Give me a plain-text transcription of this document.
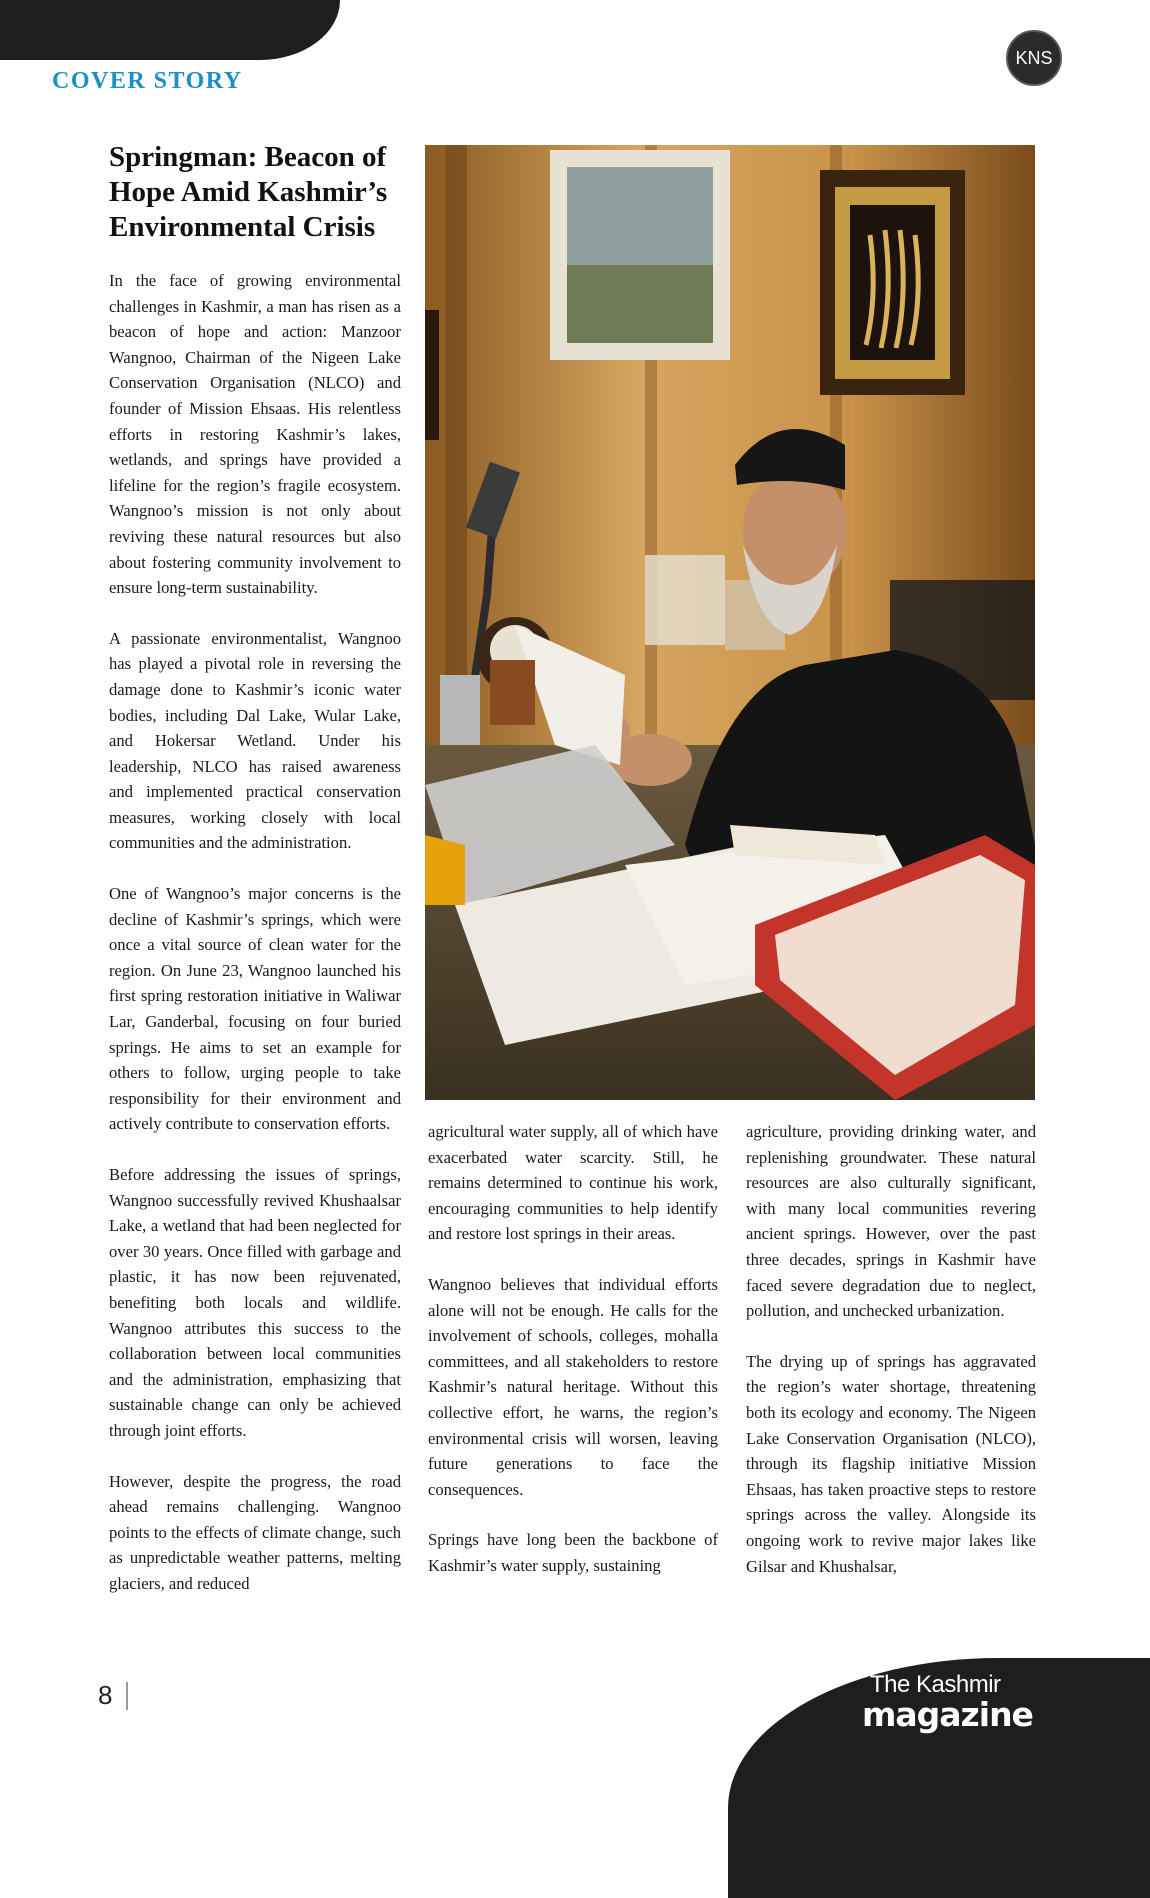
COVER STORY
KNS
Springman: Beacon of Hope Amid Kashmir’s Environmental Crisis

In the face of growing environmental challenges in Kashmir, a man has risen as a beacon of hope and action: Manzoor Wangnoo, Chairman of the Nigeen Lake Conservation Organisation (NLCO) and founder of Mission Ehsaas. His relentless efforts in restoring Kashmir’s lakes, wetlands, and springs have provided a lifeline for the region’s fragile ecosystem. Wangnoo’s mission is not only about reviving these natural resources but also about fostering community involvement to ensure long-term sustainability.

A passionate environmentalist, Wangnoo has played a pivotal role in reversing the damage done to Kashmir’s iconic water bodies, including Dal Lake, Wular Lake, and Hokersar Wetland. Under his leadership, NLCO has raised awareness and implemented practical conservation measures, working closely with local communities and the administration.

One of Wangnoo’s major concerns is the decline of Kashmir’s springs, which were once a vital source of clean water for the region. On June 23, Wangnoo launched his first spring restoration initiative in Waliwar Lar, Ganderbal, focusing on four buried springs. He aims to set an example for others to follow, urging people to take responsibility for their environment and actively contribute to conservation efforts.

Before addressing the issues of springs, Wangnoo successfully revived Khushaalsar Lake, a wetland that had been neglected for over 30 years. Once filled with garbage and plastic, it has now been rejuvenated, benefiting both locals and wildlife. Wangnoo attributes this success to the collaboration between local communities and the administration, emphasizing that sustainable change can only be achieved through joint efforts.

However, despite the progress, the road ahead remains challenging. Wangnoo points to the effects of climate change, such as unpredictable weather patterns, melting glaciers, and reduced

agricultural water supply, all of which have exacerbated water scarcity. Still, he remains determined to continue his work, encouraging communities to help identify and restore lost springs in their areas.

Wangnoo believes that individual efforts alone will not be enough. He calls for the involvement of schools, colleges, mohalla committees, and all stakeholders to restore Kashmir’s natural heritage. Without this collective effort, he warns, the region’s environmental crisis will worsen, leaving future generations to face the consequences.

Springs have long been the backbone of Kashmir’s water supply, sustaining

agriculture, providing drinking water, and replenishing groundwater. These natural resources are also culturally significant, with many local communities revering ancient springs. However, over the past three decades, springs in Kashmir have faced severe degradation due to neglect, pollution, and unchecked urbanization.

The drying up of springs has aggravated the region’s water shortage, threatening both its ecology and economy. The Nigeen Lake Conservation Organisation (NLCO), through its flagship initiative Mission Ehsaas, has taken proactive steps to restore springs across the valley. Alongside its ongoing work to revive major lakes like Gilsar and Khushalsar,

8	The Kashmir
magazine
